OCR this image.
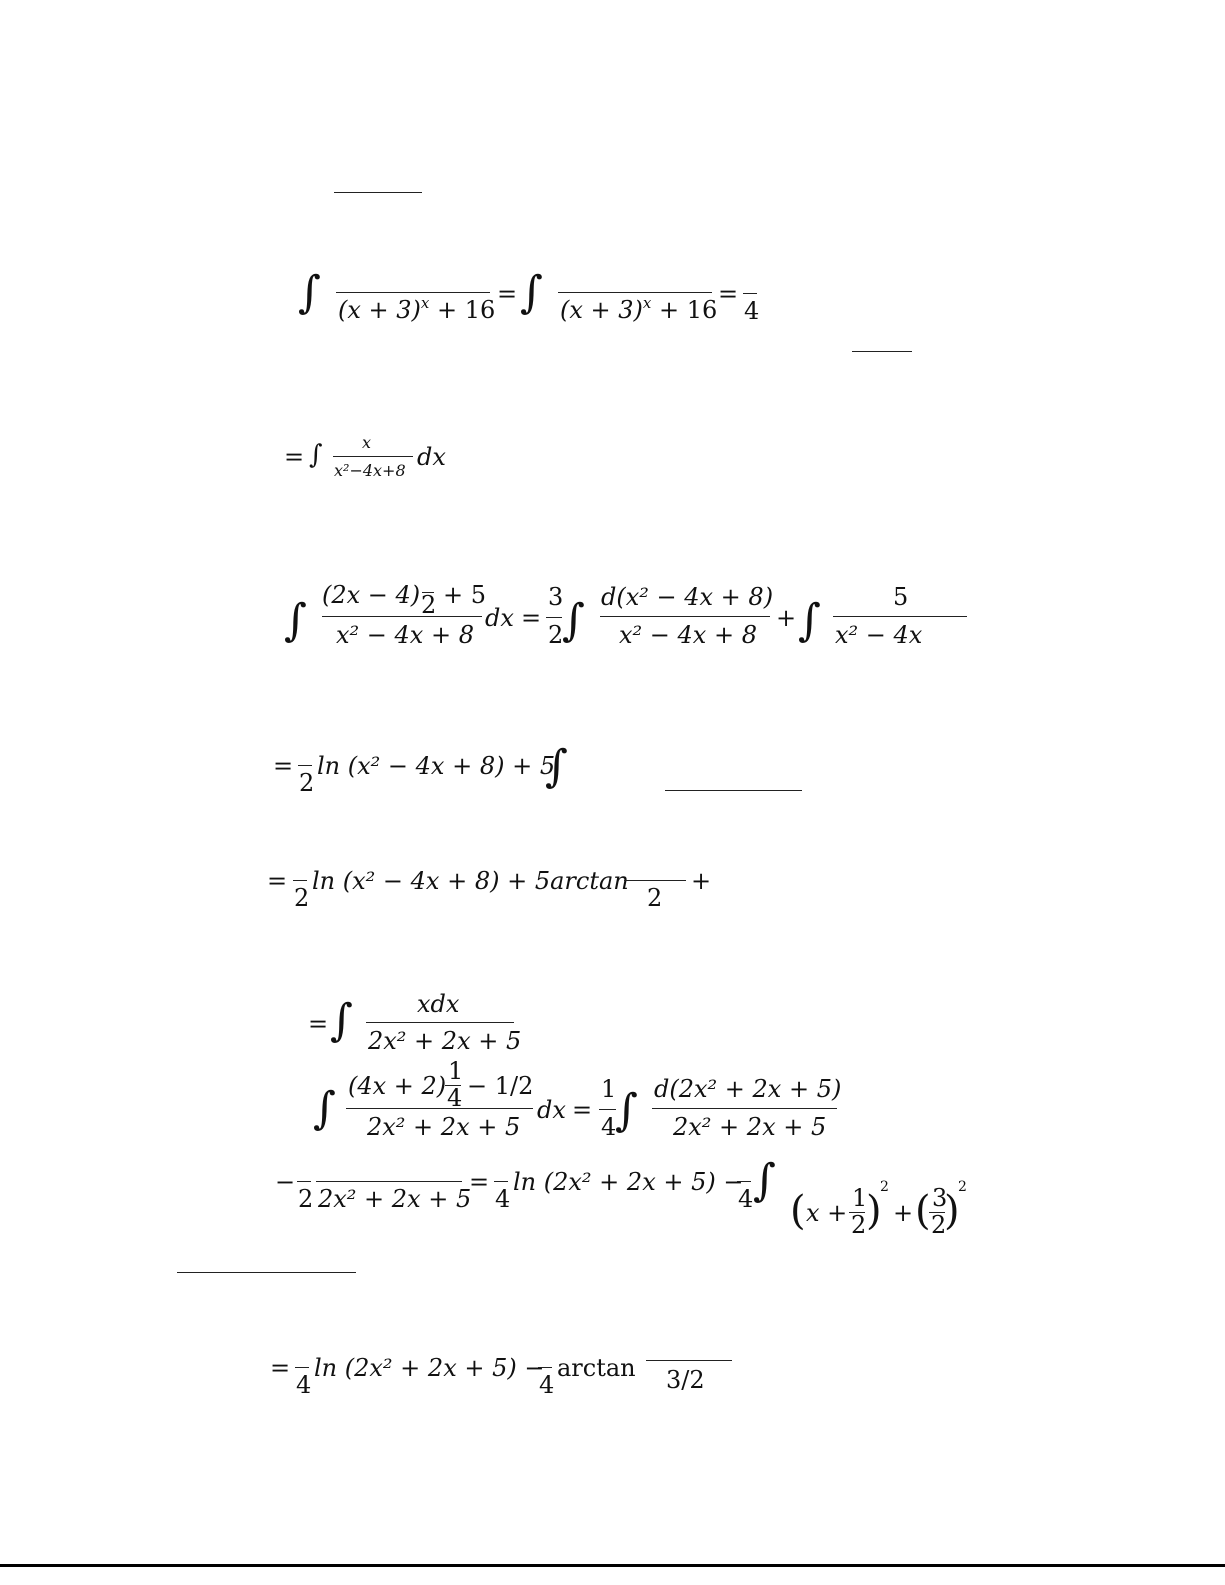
∫ $(x + 3)^x + 16$
= ∫ $(x + 3)^x + 16$
=
4
= ∫ x
x²−4x+8 dx
∫ (2x − 4) 2 + 5
x² − 4x + 8
dx =
3
2
∫ d(x² − 4x + 8)
x² − 4x + 8
+ ∫	5
x² − 4x
=
2
ln (x² − 4x + 8) + 5
∫
=
2
ln (x² − 4x + 8) + 5arctan
2
+
= ∫	xdx
2x² + 2x + 5
∫ (4x + 2)
1
4 − 1/2
2x² + 2x + 5
dx =
1
4
∫ d(2x² + 2x + 5)
2x² + 2x + 5
−
2 2x² + 2x + 5
=
4
ln (2x² + 2x + 5) −
4 ∫
( x +
1
2 )
2
+ ( 3
2
)
2
=
4
ln (2x² + 2x + 5) −
4
arctan 3/2
